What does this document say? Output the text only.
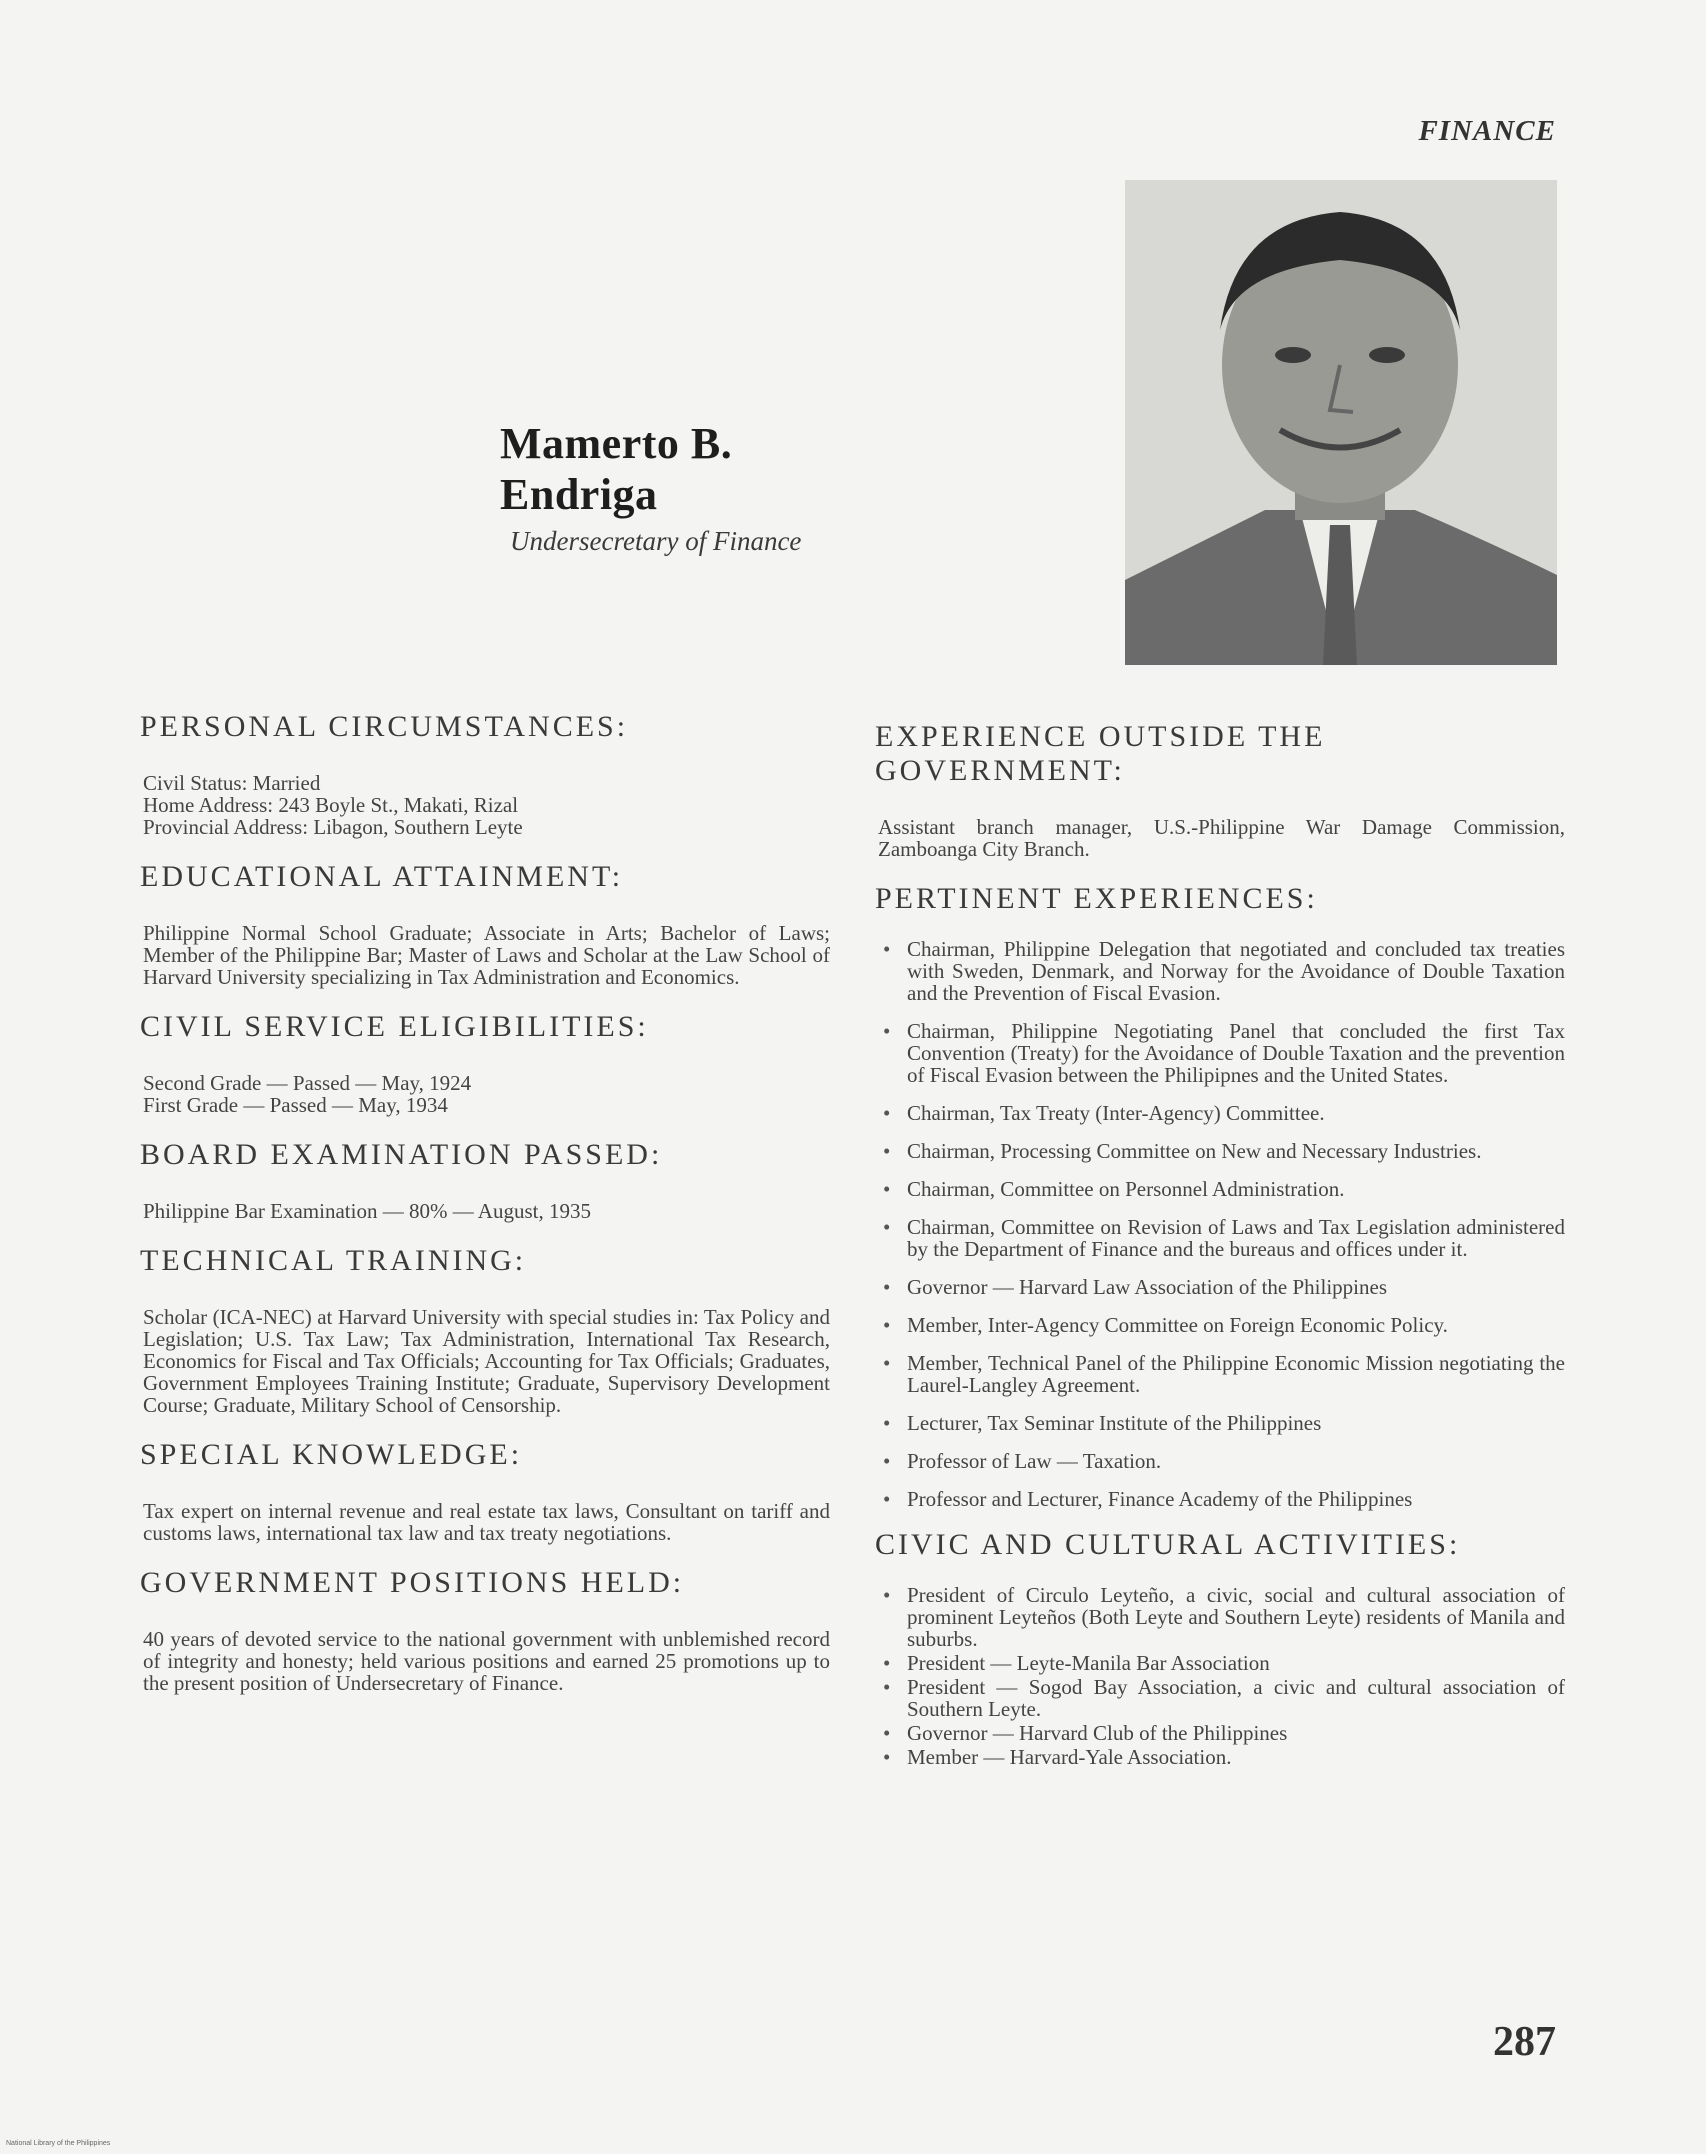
FINANCE
Mamerto B. Endriga
Undersecretary of Finance
PERSONAL CIRCUMSTANCES:
Civil Status: Married
Home Address: 243 Boyle St., Makati, Rizal
Provincial Address: Libagon, Southern Leyte
EDUCATIONAL ATTAINMENT:
Philippine Normal School Graduate; Associate in Arts; Bachelor of Laws; Member of the Philippine Bar; Master of Laws and Scholar at the Law School of Harvard University specializing in Tax Administration and Economics.
CIVIL SERVICE ELIGIBILITIES:
Second Grade — Passed — May, 1924
First Grade — Passed — May, 1934
BOARD EXAMINATION PASSED:
Philippine Bar Examination — 80% — August, 1935
TECHNICAL TRAINING:
Scholar (ICA-NEC) at Harvard University with special studies in: Tax Policy and Legislation; U.S. Tax Law; Tax Administration, International Tax Research, Economics for Fiscal and Tax Officials; Accounting for Tax Officials; Graduates, Government Employees Training Institute; Graduate, Supervisory Development Course; Graduate, Military School of Censorship.
SPECIAL KNOWLEDGE:
Tax expert on internal revenue and real estate tax laws, Consultant on tariff and customs laws, international tax law and tax treaty negotiations.
GOVERNMENT POSITIONS HELD:
40 years of devoted service to the national government with unblemished record of integrity and honesty; held various positions and earned 25 promotions up to the present position of Undersecretary of Finance.
EXPERIENCE OUTSIDE THE GOVERNMENT:
Assistant branch manager, U.S.-Philippine War Damage Commission, Zamboanga City Branch.
PERTINENT EXPERIENCES:
• Chairman, Philippine Delegation that negotiated and concluded tax treaties with Sweden, Denmark, and Norway for the Avoidance of Double Taxation and the Prevention of Fiscal Evasion.
• Chairman, Philippine Negotiating Panel that concluded the first Tax Convention (Treaty) for the Avoidance of Double Taxation and the prevention of Fiscal Evasion between the Philipipnes and the United States.
• Chairman, Tax Treaty (Inter-Agency) Committee.
• Chairman, Processing Committee on New and Necessary Industries.
• Chairman, Committee on Personnel Administration.
• Chairman, Committee on Revision of Laws and Tax Legislation administered by the Department of Finance and the bureaus and offices under it.
• Governor — Harvard Law Association of the Philippines
• Member, Inter-Agency Committee on Foreign Economic Policy.
• Member, Technical Panel of the Philippine Economic Mission negotiating the Laurel-Langley Agreement.
• Lecturer, Tax Seminar Institute of the Philippines
• Professor of Law — Taxation.
• Professor and Lecturer, Finance Academy of the Philippines
CIVIC AND CULTURAL ACTIVITIES:
• President of Circulo Leyteño, a civic, social and cultural association of prominent Leyteños (Both Leyte and Southern Leyte) residents of Manila and suburbs.
• President — Leyte-Manila Bar Association
• President — Sogod Bay Association, a civic and cultural association of Southern Leyte.
• Governor — Harvard Club of the Philippines
• Member — Harvard-Yale Association.
287
National Library of the Philippines
